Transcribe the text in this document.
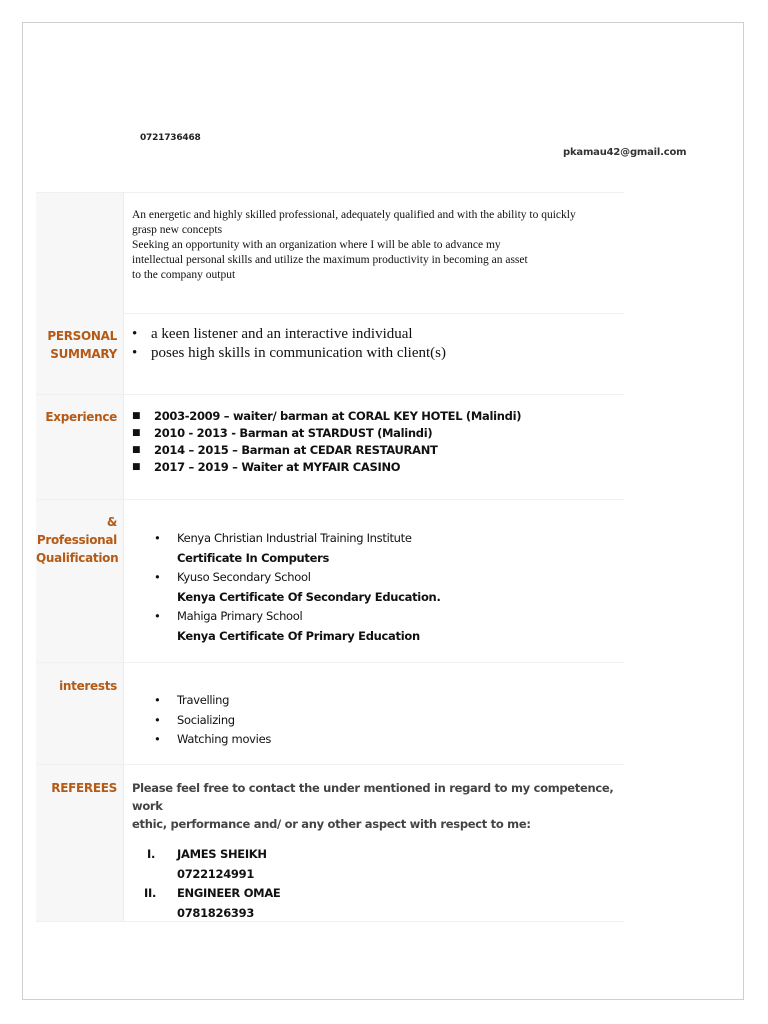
0721736468
pkamau42@gmail.com
An energetic and highly skilled professional, adequately qualified and with the ability to quickly
grasp new concepts
Seeking an opportunity with an organization where I will be able to advance my
intellectual personal skills and utilize the maximum productivity in becoming an asset
to the company output
PERSONAL
SUMMARY
• a keen listener and an interactive individual
• poses high skills in communication with client(s)
Experience	■ 2003-2009 – waiter/ barman at CORAL KEY HOTEL (Malindi)
■ 2010 - 2013 - Barman at STARDUST (Malindi)
■ 2014 – 2015 – Barman at CEDAR RESTAURANT
■ 2017 – 2019 – Waiter at MYFAIR CASINO
&
Professional
Qualification
• Kenya Christian Industrial Training Institute
Certificate In Computers
• Kyuso Secondary School
Kenya Certificate Of Secondary Education.
• Mahiga Primary School
Kenya Certificate Of Primary Education
interests
• Travelling
• Socializing
• Watching movies
REFEREES	Please feel free to contact the under mentioned in regard to my competence, work
ethic, performance and/ or any other aspect with respect to me:
I. JAMES SHEIKH
0722124991
II. ENGINEER OMAE
0781826393
